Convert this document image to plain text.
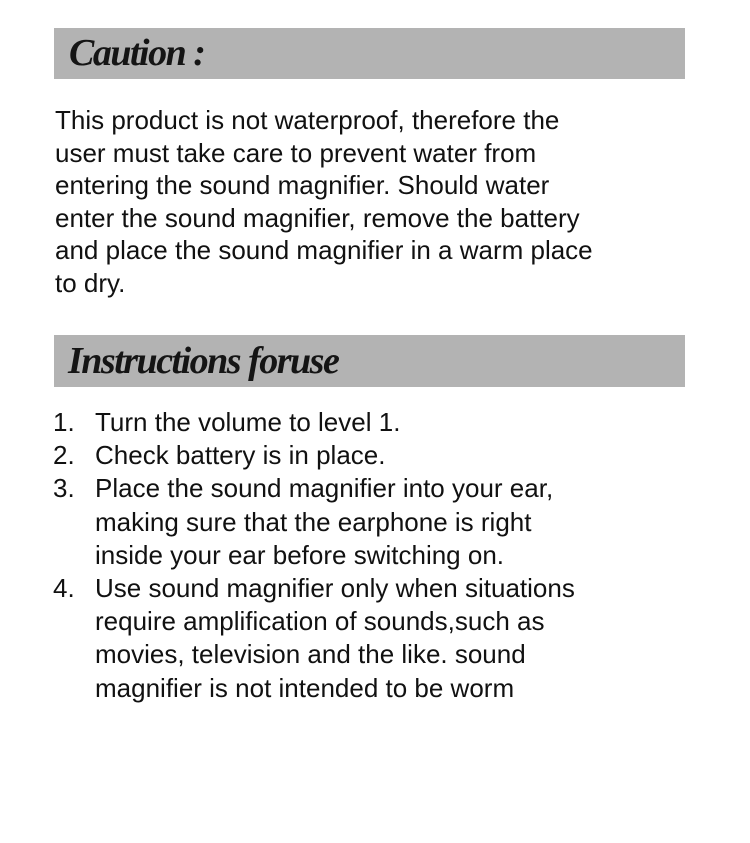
Caution :

This product is not waterproof, therefore the
user must take care to prevent water from
entering the sound magnifier. Should water
enter the sound magnifier, remove the battery
and place the sound magnifier in a warm place
to dry.

Instructions foruse
1. Turn the volume to level 1.
2. Check battery is in place.
3. Place the sound magnifier into your ear,
making sure that the earphone is right
inside your ear before switching on.
4. Use sound magnifier only when situations
require amplification of sounds,such as
movies, television and the like. sound
magnifier is not intended to be worm
